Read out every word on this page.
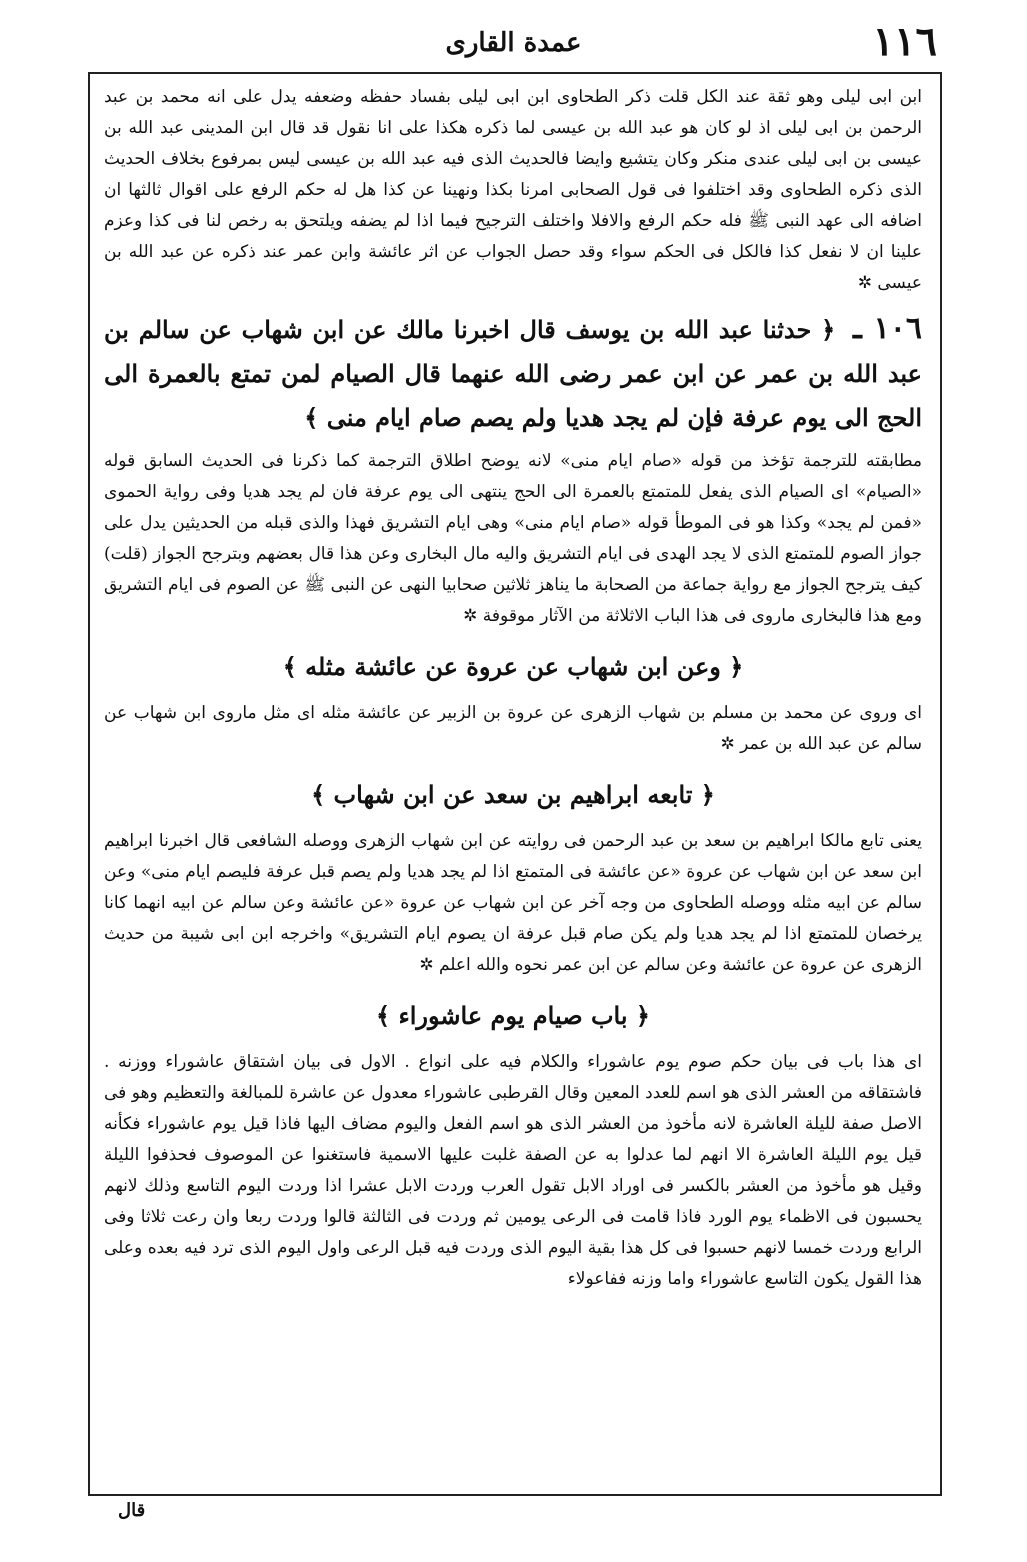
١١٦
عمدة القارى

ابن ابى ليلى وهو ثقة عند الكل قلت ذكر الطحاوى ابن ابى ليلى بفساد حفظه وضعفه يدل على انه محمد بن عبد الرحمن بن ابى ليلى اذ لو كان هو عبد الله بن عيسى لما ذكره هكذا على انا نقول قد قال ابن المدينى عبد الله بن عيسى بن ابى ليلى عندى منكر وكان يتشيع وايضا فالحديث الذى فيه عبد الله بن عيسى ليس بمرفوع بخلاف الحديث الذى ذكره الطحاوى وقد اختلفوا فى قول الصحابى امرنا بكذا ونهينا عن كذا هل له حكم الرفع على اقوال ثالثها ان اضافه الى عهد النبى ﷺ فله حكم الرفع والافلا واختلف الترجيح فيما اذا لم يضفه ويلتحق به رخص لنا فى كذا وعزم علينا ان لا نفعل كذا فالكل فى الحكم سواء وقد حصل الجواب عن اثر عائشة وابن عمر عند ذكره عن عبد الله بن عيسى ✲

١٠٦ ـ ﴿ حدثنا عبد الله بن يوسف قال اخبرنا مالك عن ابن شهاب عن سالم بن عبد الله بن عمر عن ابن عمر رضى الله عنهما قال الصيام لمن تمتع بالعمرة الى الحج الى يوم عرفة فإن لم يجد هديا ولم يصم صام ايام منى ﴾

مطابقته للترجمة تؤخذ من قوله «صام ايام منى» لانه يوضح اطلاق الترجمة كما ذكرنا فى الحديث السابق قوله «الصيام» اى الصيام الذى يفعل للمتمتع بالعمرة الى الحج ينتهى الى يوم عرفة فان لم يجد هديا وفى رواية الحموى «فمن لم يجد» وكذا هو فى الموطأ قوله «صام ايام منى» وهى ايام التشريق فهذا والذى قبله من الحديثين يدل على جواز الصوم للمتمتع الذى لا يجد الهدى فى ايام التشريق واليه مال البخارى وعن هذا قال بعضهم وبترجح الجواز (قلت) كيف يترجح الجواز مع رواية جماعة من الصحابة ما يناهز ثلاثين صحابيا النهى عن النبى ﷺ عن الصوم فى ايام التشريق ومع هذا فالبخارى ماروى فى هذا الباب الاثلاثة من الآثار موقوفة ✲

﴿ وعن ابن شهاب عن عروة عن عائشة مثله ﴾

اى وروى عن محمد بن مسلم بن شهاب الزهرى عن عروة بن الزبير عن عائشة مثله اى مثل ماروى ابن شهاب عن سالم عن عبد الله بن عمر ✲

﴿ تابعه ابراهيم بن سعد عن ابن شهاب ﴾

يعنى تابع مالكا ابراهيم بن سعد بن عبد الرحمن فى روايته عن ابن شهاب الزهرى ووصله الشافعى قال اخبرنا ابراهيم ابن سعد عن ابن شهاب عن عروة «عن عائشة فى المتمتع اذا لم يجد هديا ولم يصم قبل عرفة فليصم ايام منى» وعن سالم عن ابيه مثله ووصله الطحاوى من وجه آخر عن ابن شهاب عن عروة «عن عائشة وعن سالم عن ابيه انهما كانا يرخصان للمتمتع اذا لم يجد هديا ولم يكن صام قبل عرفة ان يصوم ايام التشريق» واخرجه ابن ابى شيبة من حديث الزهرى عن عروة عن عائشة وعن سالم عن ابن عمر نحوه والله اعلم ✲

﴿ باب صيام يوم عاشوراء ﴾

اى هذا باب فى بيان حكم صوم يوم عاشوراء والكلام فيه على انواع . الاول فى بيان اشتقاق عاشوراء ووزنه . فاشتقاقه من العشر الذى هو اسم للعدد المعين وقال القرطبى عاشوراء معدول عن عاشرة للمبالغة والتعظيم وهو فى الاصل صفة لليلة العاشرة لانه مأخوذ من العشر الذى هو اسم الفعل واليوم مضاف اليها فاذا قيل يوم عاشوراء فكأنه قيل يوم الليلة العاشرة الا انهم لما عدلوا به عن الصفة غلبت عليها الاسمية فاستغنوا عن الموصوف فحذفوا الليلة وقيل هو مأخوذ من العشر بالكسر فى اوراد الابل تقول العرب وردت الابل عشرا اذا وردت اليوم التاسع وذلك لانهم يحسبون فى الاظماء يوم الورد فاذا قامت فى الرعى يومين ثم وردت فى الثالثة قالوا وردت ربعا وان رعت ثلاثا وفى الرابع وردت خمسا لانهم حسبوا فى كل هذا بقية اليوم الذى وردت فيه قبل الرعى واول اليوم الذى ترد فيه بعده وعلى هذا القول يكون التاسع عاشوراء واما وزنه ففاعولاء

قال
